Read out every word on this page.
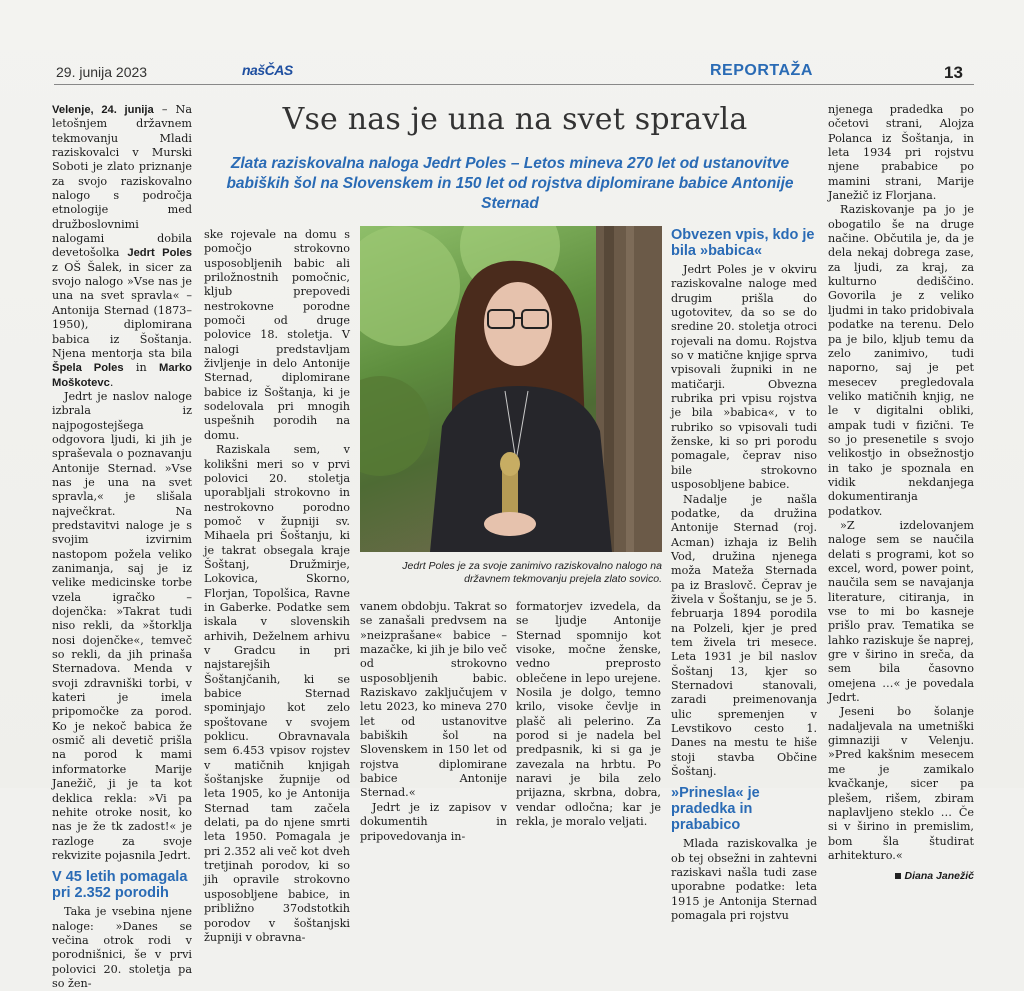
29. junija 2023	našČAS	REPORTAŽA	13
Vse nas je una na svet spravla
Zlata raziskovalna naloga Jedrt Poles – Letos mineva 270 let od ustanovitve babiških šol na Slovenskem in 150 let od rojstva diplomirane babice Antonije Sternad

Velenje, 24. junija – Na letošnjem državnem tekmovanju Mladi raziskovalci v Murski Soboti je zlato priznanje za svojo raziskovalno nalogo s področja etnologije med družboslovnimi nalogami dobila devetošolka Jedrt Poles z OŠ Šalek, in sicer za svojo nalogo »Vse nas je una na svet spravla« – Antonija Sternad (1873–1950), diplomirana babica iz Šoštanja. Njena mentorja sta bila Špela Poles in Marko Moškotevc.

Jedrt je naslov naloge izbrala iz najpogostejšega odgovora ljudi, ki jih je spraševala o poznavanju Antonije Sternad. »Vse nas je una na svet spravla,« je slišala največkrat. Na predstavitvi naloge je s svojim izvirnim nastopom požela veliko zanimanja, saj je iz velike medicinske torbe vzela igračko – dojenčka: »Takrat tudi niso rekli, da »štorklja nosi dojenčke«, temveč so rekli, da jih prinaša Sternadova. Menda v svoji zdravniški torbi, v kateri je imela pripomočke za porod. Ko je nekoč babica že osmič ali devetič prišla na porod k mami informatorke Marije Janežič, ji je ta kot deklica rekla: »Vi pa nehite otroke nosit, ko nas je že tk zadost!« je razloge za svoje rekvizite pojasnila Jedrt.

V 45 letih pomagala pri 2.352 porodih

Taka je vsebina njene naloge: »Danes se večina otrok rodi v porodnišnici, še v prvi polovici 20. stoletja pa so žen-

ske rojevale na domu s pomočjo strokovno usposobljenih babic ali priložnostnih pomočnic, kljub prepovedi nestrokovne porodne pomoči od druge polovice 18. stoletja. V nalogi predstavljam življenje in delo Antonije Sternad, diplomirane babice iz Šoštanja, ki je sodelovala pri mnogih uspešnih porodih na domu.

Raziskala sem, v kolikšni meri so v prvi polovici 20. stoletja uporabljali strokovno in nestrokovno porodno pomoč v župniji sv. Mihaela pri Šoštanju, ki je takrat obsegala kraje Šoštanj, Družmirje, Lokovica, Skorno, Florjan, Topolšica, Ravne in Gaberke. Podatke sem iskala v slovenskih arhivih, Deželnem arhivu v Gradcu in pri najstarejših Šoštanjčanih, ki se babice Sternad spominjajo kot zelo spoštovane v svojem poklicu. Obravnavala sem 6.453 vpisov rojstev v matičnih knjigah šoštanjske župnije od leta 1905, ko je Antonija Sternad tam začela delati, pa do njene smrti leta 1950. Pomagala je pri 2.352 ali več kot dveh tretjinah porodov, ki so jih opravile strokovno usposobljene babice, in približno 37odstotkih porodov v šoštanjski župniji v obravna-

Jedrt Poles je za svoje zanimivo raziskovalno nalogo na državnem tekmovanju prejela zlato sovico.

vanem obdobju. Takrat so se zanašali predvsem na »neizprašane« babice – mazačke, ki jih je bilo več od strokovno usposobljenih babic. Raziskavo zaključujem v letu 2023, ko mineva 270 let od ustanovitve babiških šol na Slovenskem in 150 let od rojstva diplomirane babice Antonije Sternad.«

Jedrt je iz zapisov v dokumentih in pripovedovanja in-

formatorjev izvedela, da se ljudje Antonije Sternad spomnijo kot visoke, močne ženske, vedno preprosto oblečene in lepo urejene. Nosila je dolgo, temno krilo, visoke čevlje in plašč ali pelerino. Za porod si je nadela bel predpasnik, ki si ga je zavezala na hrbtu. Po naravi je bila zelo prijazna, skrbna, dobra, vendar odločna; kar je rekla, je moralo veljati.

Obvezen vpis, kdo je bila »babica«

Jedrt Poles je v okviru raziskovalne naloge med drugim prišla do ugotovitev, da so se do sredine 20. stoletja otroci rojevali na domu. Rojstva so v matične knjige sprva vpisovali župniki in ne matičarji. Obvezna rubrika pri vpisu rojstva je bila »babica«, v to rubriko so vpisovali tudi ženske, ki so pri porodu pomagale, čeprav niso bile strokovno usposobljene babice.

Nadalje je našla podatke, da družina Antonije Sternad (roj. Acman) izhaja iz Belih Vod, družina njenega moža Mateža Sternada pa iz Braslovč. Čeprav je živela v Šoštanju, se je 5. februarja 1894 porodila na Polzeli, kjer je pred tem živela tri mesece. Leta 1931 je bil naslov Šoštanj 13, kjer so Sternadovi stanovali, zaradi preimenovanja ulic spremenjen v Levstikovo cesto 1. Danes na mestu te hiše stoji stavba Občine Šoštanj.

»Prinesla« je pradedka in prababico

Mlada raziskovalka je ob tej obsežni in zahtevni raziskavi našla tudi zase uporabne podatke: leta 1915 je Antonija Sternad pomagala pri rojstvu

njenega pradedka po očetovi strani, Alojza Polanca iz Šoštanja, in leta 1934 pri rojstvu njene prababice po mamini strani, Marije Janežič iz Florjana.

Raziskovanje pa jo je obogatilo še na druge načine. Občutila je, da je dela nekaj dobrega zase, za ljudi, za kraj, za kulturno dediščino. Govorila je z veliko ljudmi in tako pridobivala podatke na terenu. Delo pa je bilo, kljub temu da zelo zanimivo, tudi naporno, saj je pet mesecev pregledovala veliko matičnih knjig, ne le v digitalni obliki, ampak tudi v fizični. Te so jo presenetile s svojo velikostjo in obsežnostjo in tako je spoznala en vidik nekdanjega dokumentiranja podatkov.

»Z izdelovanjem naloge sem se naučila delati s programi, kot so excel, word, power point, naučila sem se navajanja literature, citiranja, in vse to mi bo kasneje prišlo prav. Tematika se lahko raziskuje še naprej, gre v širino in sreča, da sem bila časovno omejena …« je povedala Jedrt.

Jeseni bo šolanje nadaljevala na umetniški gimnaziji v Velenju. »Pred kakšnim mesecem me je zamikalo kvačkanje, sicer pa plešem, rišem, zbiram naplavljeno steklo … Če si v širino in premislim, bom šla študirat arhitekturo.«

Diana Janežič
